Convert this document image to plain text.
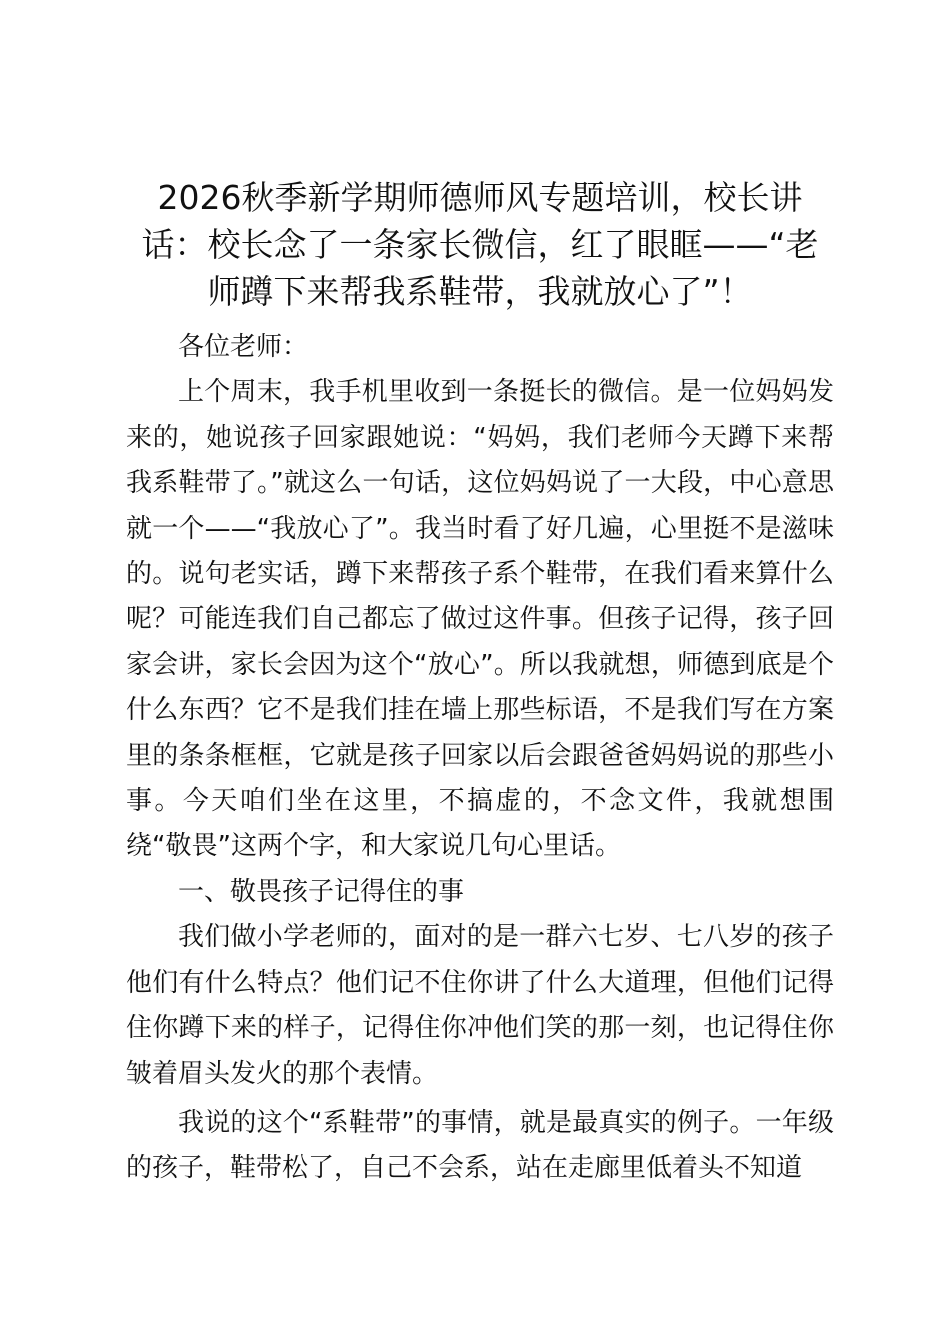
2026秋季新学期师德师风专题培训，校长讲话：校长念了一条家长微信，红了眼眶——“老师蹲下来帮我系鞋带，我就放心了”！

各位老师：

上个周末，我手机里收到一条挺长的微信。是一位妈妈发来的，她说孩子回家跟她说：“妈妈，我们老师今天蹲下来帮我系鞋带了。”就这么一句话，这位妈妈说了一大段，中心意思就一个——“我放心了”。我当时看了好几遍，心里挺不是滋味的。说句老实话，蹲下来帮孩子系个鞋带，在我们看来算什么呢？可能连我们自己都忘了做过这件事。但孩子记得，孩子回家会讲，家长会因为这个“放心”。所以我就想，师德到底是个什么东西？它不是我们挂在墙上那些标语，不是我们写在方案里的条条框框，它就是孩子回家以后会跟爸爸妈妈说的那些小事。今天咱们坐在这里，不搞虚的，不念文件，我就想围绕“敬畏”这两个字，和大家说几句心里话。

一、敬畏孩子记得住的事

我们做小学老师的，面对的是一群六七岁、七八岁的孩子他们有什么特点？他们记不住你讲了什么大道理，但他们记得住你蹲下来的样子，记得住你冲他们笑的那一刻，也记得住你皱着眉头发火的那个表情。

我说的这个“系鞋带”的事情，就是最真实的例子。一年级的孩子，鞋带松了，自己不会系，站在走廊里低着头不知道
